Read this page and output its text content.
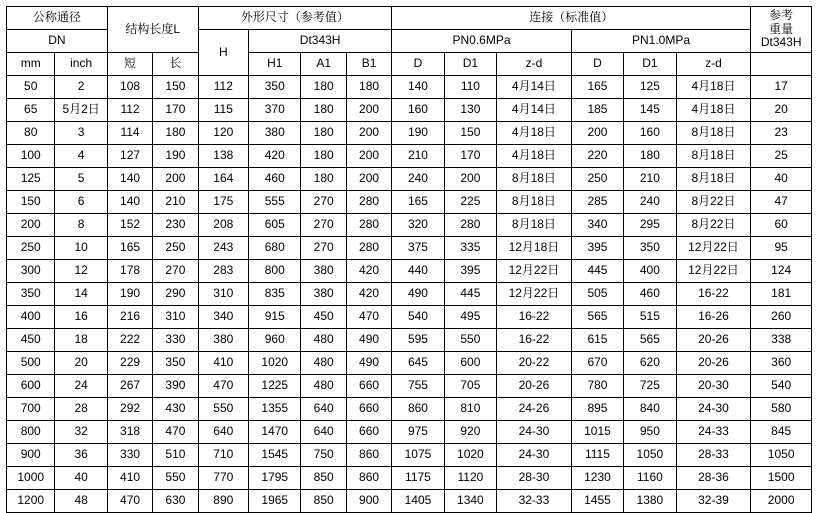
公称通径		结构长度L		外形尺寸（参考值）				连接（标准值）						参考
重量
Dt343H

DN				H	Dt343H			PN0.6MPa			PN1.0MPa			
mm	inch	短	长		H1	A1	B1	D	D1	z-d	D	D1	z-d	
50	2	108	150	112	350	180	180	140	110	4月14日	165	125	4月18日	17
65	5月2日	112	170	115	370	180	200	160	130	4月14日	185	145	4月18日	20
80	3	114	180	120	380	180	200	190	150	4月18日	200	160	8月18日	23
100	4	127	190	138	420	180	200	210	170	4月18日	220	180	8月18日	25
125	5	140	200	164	460	180	200	240	200	8月18日	250	210	8月18日	40
150	6	140	210	175	555	270	280	165	225	8月18日	285	240	8月22日	47
200	8	152	230	208	605	270	280	320	280	8月18日	340	295	8月22日	60
250	10	165	250	243	680	270	280	375	335	12月18日	395	350	12月22日	95
300	12	178	270	283	800	380	420	440	395	12月22日	445	400	12月22日	124
350	14	190	290	310	835	380	420	490	445	12月22日	505	460	16-22	181
400	16	216	310	340	915	450	470	540	495	16-22	565	515	16-26	260
450	18	222	330	380	960	480	490	595	550	16-22	615	565	20-26	338
500	20	229	350	410	1020	480	490	645	600	20-22	670	620	20-26	360
600	24	267	390	470	1225	480	660	755	705	20-26	780	725	20-30	540
700	28	292	430	550	1355	640	660	860	810	24-26	895	840	24-30	580
800	32	318	470	640	1470	640	660	975	920	24-30	1015	950	24-33	845
900	36	330	510	710	1545	750	860	1075	1020	24-30	1115	1050	28-33	1050
1000	40	410	550	770	1795	850	860	1175	1120	28-30	1230	1160	28-36	1500
1200	48	470	630	890	1965	850	900	1405	1340	32-33	1455	1380	32-39	2000
